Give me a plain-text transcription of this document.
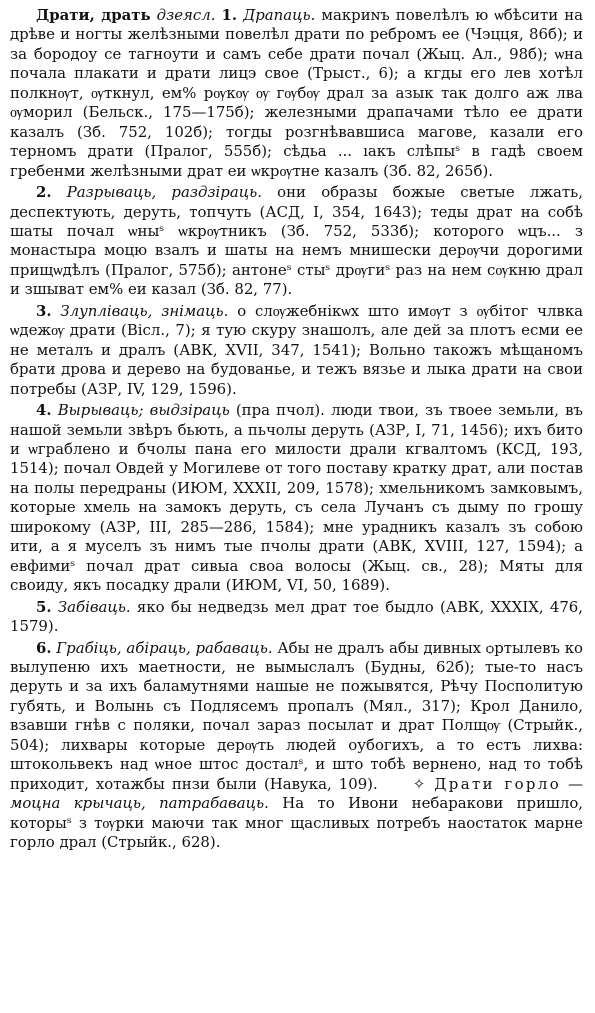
Драти, драть дзеясл. 1. Драпаць. макриɴъ повелѣлъ ю ѡбѣсити на дрѣве и ногты желѣзными повелѣл драти по ребромъ ее (Чэцця, 86б); и за бородоу се тагноути и самъ себе драти почал (Жыц. Ал., 98б); ѡна почала плакати и драти лицэ свое (Трыст., 6); а кгды его лев хотѣл полкнѹт, ѹткнул, ем% рѹкѹ ѹ гѹбѹ драл за азык так долго аж лва ѹморил (Бельск., 175—175б); железными драпачами тѣло ее драти казалъ (Зб. 752, 102б); тогды розгнѣвавшиса магове, казали его терномъ драти (Пралог, 555б); сѣдьа ... ıакъ слѣпыˢ в гадѣ своем гребенми желѣзными драт еи ѡкрѹтне казалъ (Зб. 82, 265б).

2. Разрываць, раздзіраць. они образы божые светые лжать, деспектують, деруть, топчуть (АСД, I, 354, 1643); теды драт на собѣ шаты почал ѡныˢ ѡкрѹтникъ (Зб. 752, 533б); которого ѡцъ... з монастыра моцю взалъ и шаты на немъ мнишески дерѹчи дорогими прищѡдѣлъ (Пралог, 575б); антонеˢ стыˢ дрѹгиˢ раз на нем сѹкню драл и зшыват ем% еи казал (Зб. 82, 77).

3. Злупліваць, знімаць. о слѹжебнікѡх што имѹт з ѹбітог члвка ѡдежѹ драти (Вісл., 7); я тую скуру знашолъ, але дей за плотъ есми ее не металъ и дралъ (АВК, XVII, 347, 1541); Вольно такожъ мѣщаномъ брати дрова и дерево на будованье, и тежъ вязье и лыка драти на свои потребы (АЗР, IV, 129, 1596).

4. Вырываць; выдзіраць (пра пчол). люди твои, зъ твоее земьли, въ нашой земьли звѣръ бьють, а пьчолы деруть (АЗР, I, 71, 1456); ихъ бито и ѡграблено и бчолы пана его милости драли кгвалтомъ (КСД, 193, 1514); почал Овдей у Могилеве от того поставу кратку драт, али постав на полы передраны (ИЮМ, XXXII, 209, 1578); хмельникомъ замковымъ, которые хмель на замокъ деруть, съ села Лучанъ съ дыму по грошу широкому (АЗР, III, 285—286, 1584); мне урадникъ казалъ зъ собою ити, а я муселъ зъ нимъ тые пчолы драти (АВК, XVIII, 127, 1594); а евфимиˢ почал драт сивыа своа волосы (Жыц. св., 28); Мяты для своиду, якъ посадку драли (ИЮМ, VI, 50, 1689).

5. Забіваць. яко бы недведзь мел драт тое быдло (АВК, XXXIX, 476, 1579).

6. Грабіць, абіраць, рабаваць. Абы не дралъ абы дивных ѻртылевъ ко вылупеню ихъ маетности, не вымыслалъ (Будны, 62б); тые-то насъ деруть и за ихъ баламутнями нашые не пожывятся, Рѣчу Посполитую губять, и Волынь съ Подлясемъ пропалъ (Мял., 317); Крол Данило, взавши гнѣв с поляки, почал зараз посылат и драт Полщѹ (Стрыйк., 504); лихвары которые дерѹть людей оубогихъ, а то естъ лихва: штокольвекъ над ѡное штос досталˢ, и што тобѣ вернено, над то тобѣ приходит, хотажбы пнзи были (Навука, 109). ✧ Драти горло — моцна крычаць, патрабаваць. На то Ивони небаракови пришло, которыˢ з тѹрки маючи так мног щасливых потребъ наостаток марне горло драл (Стрыйк., 628).
